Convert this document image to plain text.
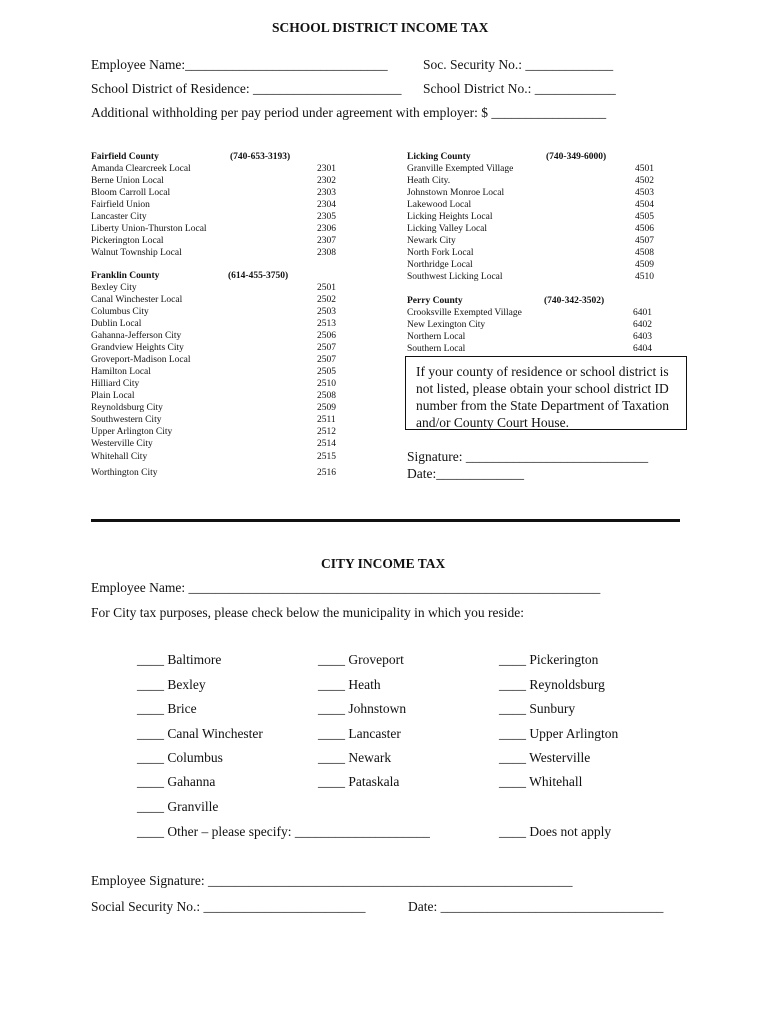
SCHOOL DISTRICT INCOME TAX
Employee Name:______________________________	Soc. Security No.: _____________
School District of Residence: ______________________ School District No.: ____________
Additional withholding per pay period under agreement with employer: $ _________________
Fairfield County	(740-653-3193)
Amanda Clearcreek Local	2301
Berne Union Local	2302
Bloom Carroll Local	2303
Fairfield Union	2304
Lancaster City	2305
Liberty Union-Thurston Local	2306
Pickerington Local	2307
Walnut Township Local	2308
Franklin County	(614-455-3750)
Bexley City	2501
Canal Winchester Local	2502
Columbus City	2503
Dublin Local	2513
Gahanna-Jefferson City	2506
Grandview Heights City	2507
Groveport-Madison Local	2507
Hamilton Local	2505
Hilliard City	2510
Plain Local	2508
Reynoldsburg City	2509
Southwestern City	2511
Upper Arlington City	2512
Westerville City	2514
Whitehall City	2515
Worthington City	2516
Licking County	(740-349-6000)
Granville Exempted Village	4501
Heath City.	4502
Johnstown Monroe Local	4503
Lakewood Local	4504
Licking Heights Local	4505
Licking Valley Local	4506
Newark City	4507
North Fork Local	4508
Northridge Local	4509
Southwest Licking Local	4510
Perry County	(740-342-3502)
Crooksville Exempted Village	6401
New Lexington City	6402
Northern Local	6403
Southern Local	6404
If your county of residence or school district is
not listed, please obtain your school district ID
number from the State Department of Taxation
and/or County Court House.
Signature: ___________________________
Date:_____________
CITY INCOME TAX
Employee Name: _____________________________________________________________
For City tax purposes, please check below the municipality in which you reside:
____ Baltimore
____ Bexley
____ Brice
____ Canal Winchester
____ Columbus
____ Gahanna
____ Granville
____ Other – please specify: ____________________
____ Groveport
____ Heath
____ Johnstown
____ Lancaster
____ Newark
____ Pataskala
____ Pickerington
____ Reynoldsburg
____ Sunbury
____ Upper Arlington
____ Westerville
____ Whitehall
____ Does not apply
Employee Signature: ______________________________________________________
Social Security No.: ________________________	Date: _________________________________
